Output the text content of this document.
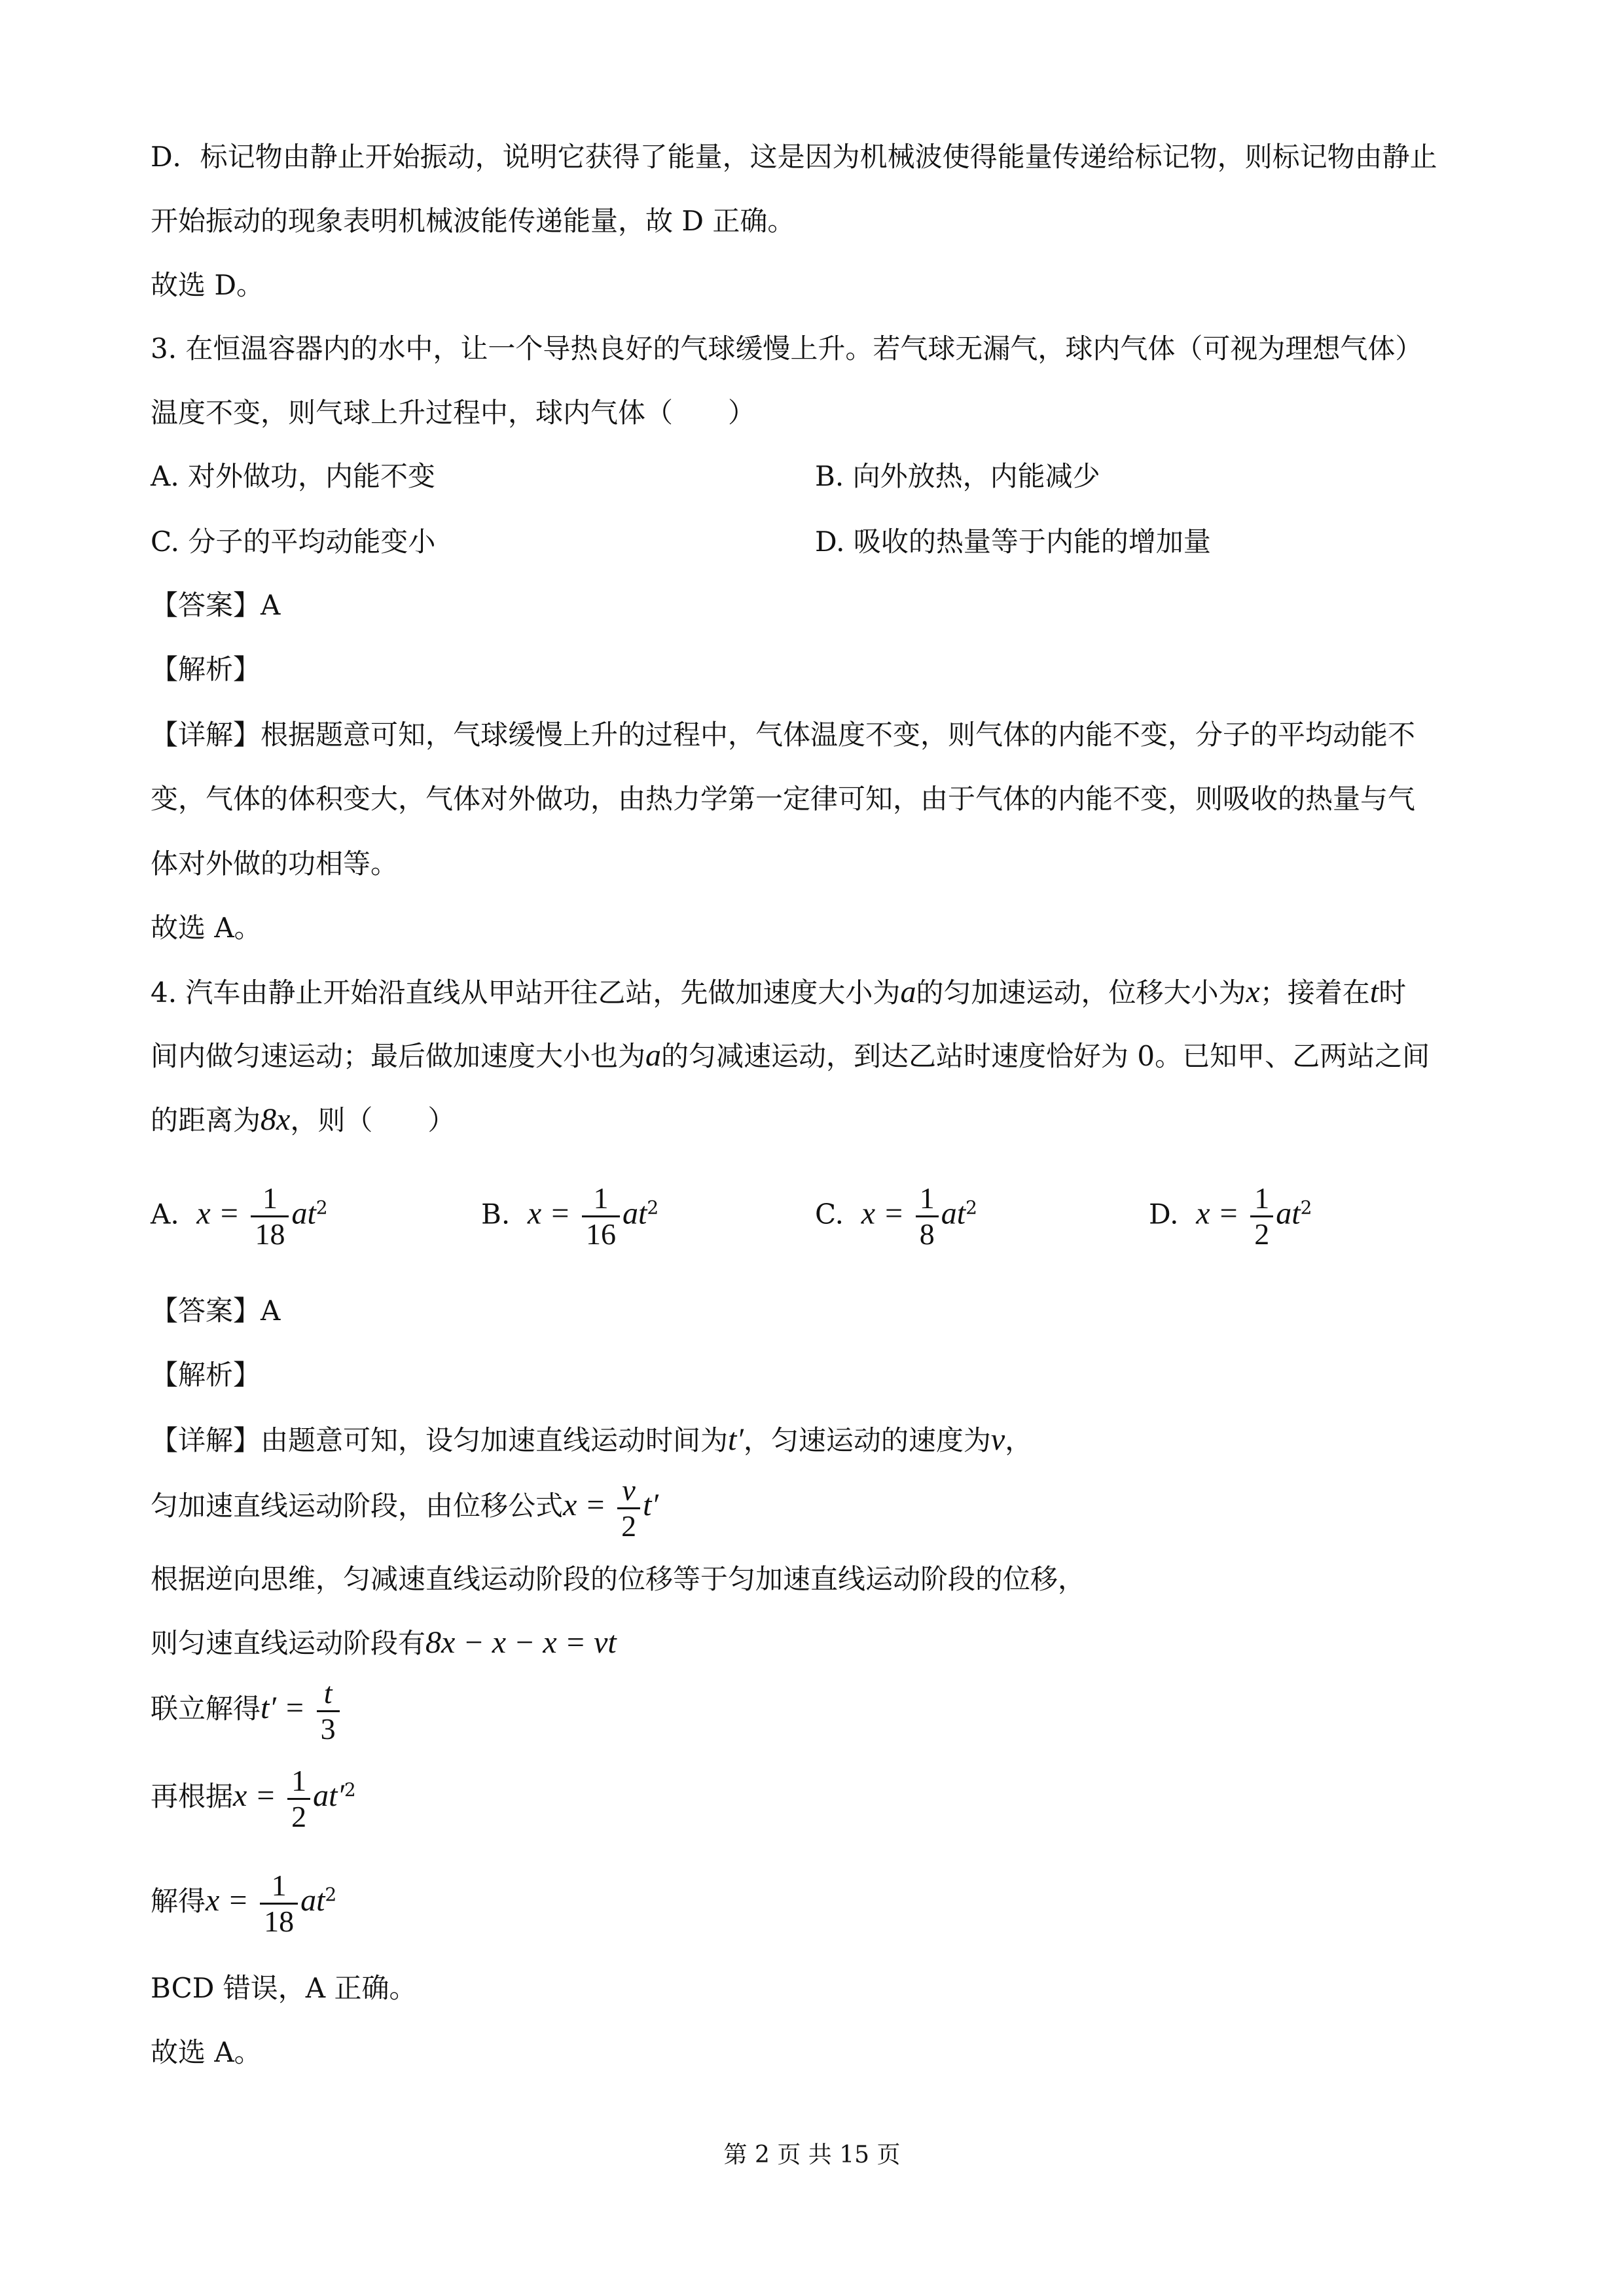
D．标记物由静止开始振动，说明它获得了能量，这是因为机械波使得能量传递给标记物，则标记物由静止
开始振动的现象表明机械波能传递能量，故 D 正确。
故选 D。
3. 在恒温容器内的水中，让一个导热良好的气球缓慢上升。若气球无漏气，球内气体（可视为理想气体）
温度不变，则气球上升过程中，球内气体（　　）
A. 对外做功，内能不变	B. 向外放热，内能减少
C. 分子的平均动能变小	D. 吸收的热量等于内能的增加量
【答案】A
【解析】
【详解】根据题意可知，气球缓慢上升的过程中，气体温度不变，则气体的内能不变，分子的平均动能不
变，气体的体积变大，气体对外做功，由热力学第一定律可知，由于气体的内能不变，则吸收的热量与气
体对外做的功相等。
故选 A。
4. 汽车由静止开始沿直线从甲站开往乙站，先做加速度大小为a的匀加速运动，位移大小为x；接着在t时
间内做匀速运动；最后做加速度大小也为a的匀减速运动，到达乙站时速度恰好为 0。已知甲、乙两站之间
的距离为8x，则（　　）
A. $x = \frac{1}{18} at^2$	B. $x = \frac{1}{16} at^2$	C. $x = \frac{1}{8} at^2$	D. $x = \frac{1}{2} at^2$
【答案】A
【解析】
【详解】由题意可知，设匀加速直线运动时间为t′，匀速运动的速度为v，
匀加速直线运动阶段，由位移公式$x = \frac{v}{2} t'$
根据逆向思维，匀减速直线运动阶段的位移等于匀加速直线运动阶段的位移，
则匀速直线运动阶段有8x − x − x = vt
联立解得$t' = \frac{t}{3}$
再根据$x = \frac{1}{2} at'^2$
解得$x = \frac{1}{18} at^2$
BCD 错误，A 正确。
故选 A。
第 2 页 共 15 页
